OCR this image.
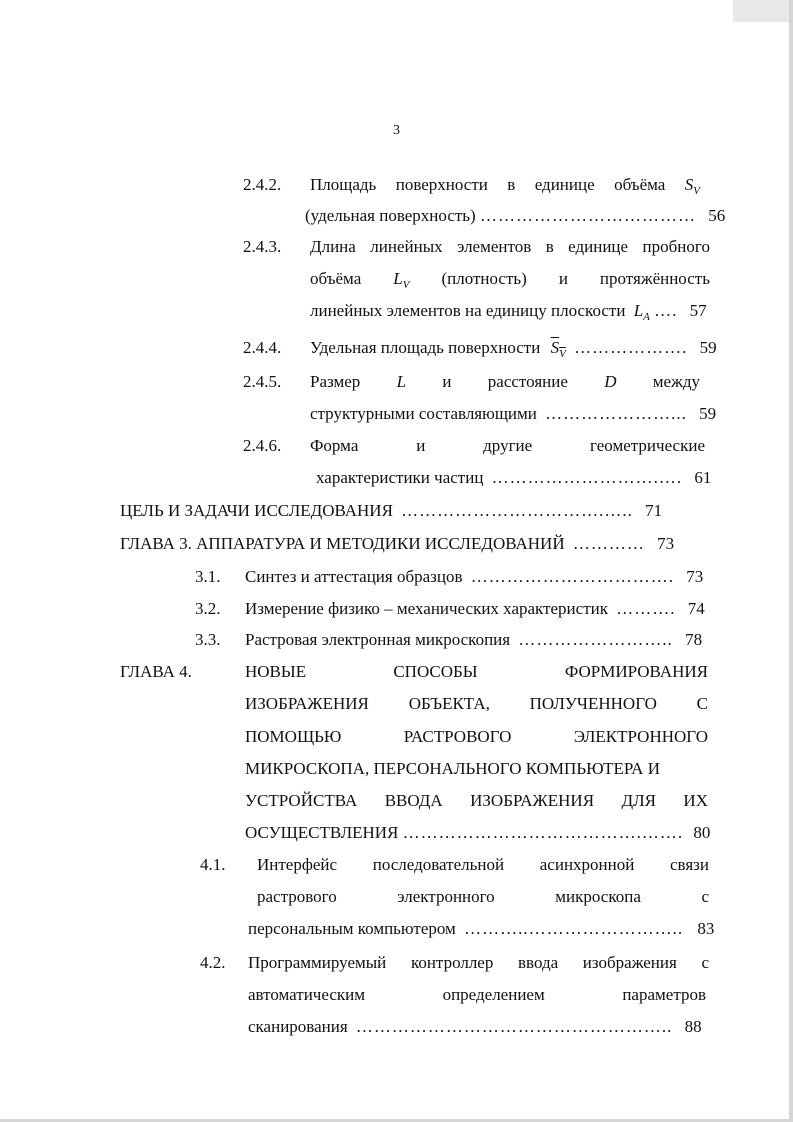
3
2.4.2. Площадь поверхности в единице объёма $S_V$
(удельная поверхность) ……………………………… 56
2.4.3. Длина линейных элементов в единице пробного
объёма $L_V$ (плотность) и протяжённость
линейных элементов на единицу плоскости $L_A$ …. 57
2.4.4. Удельная площадь поверхности $S_V$ ………………. 59
2.4.5. Размер L и расстояние D между
структурными составляющими …………………... 59
2.4.6. Форма	и	другие	геометрические
характеристики частиц ……………………….…. 61
ЦЕЛЬ И ЗАДАЧИ ИССЛЕДОВАНИЯ …………………………….….. 71
ГЛАВА 3. АППАРАТУРА И МЕТОДИКИ ИССЛЕДОВАНИЙ ………… 73
3.1. Синтез и аттестация образцов ……………………………. 73
3.2. Измерение физико – механических характеристик ………. 74
3.3. Растровая электронная микроскопия …………………….. 78
ГЛАВА 4.	НОВЫЕ	СПОСОБЫ	ФОРМИРОВАНИЯ
ИЗОБРАЖЕНИЯ ОБЪЕКТА, ПОЛУЧЕННОГО С
ПОМОЩЬЮ	РАСТРОВОГО	ЭЛЕКТРОННОГО
МИКРОСКОПА, ПЕРСОНАЛЬНОГО КОМПЬЮТЕРА И
УСТРОЙСТВА ВВОДА ИЗОБРАЖЕНИЯ ДЛЯ ИХ
ОСУЩЕСТВЛЕНИЯ ………………………………….……. 80
4.1. Интерфейс последовательной асинхронной связи
растрового	электронного	микроскопа	с
персональным компьютером ………..…………………….. 83
4.2. Программируемый контроллер ввода изображения с
автоматическим	определением	параметров
сканирования …………………………………………….. 88
